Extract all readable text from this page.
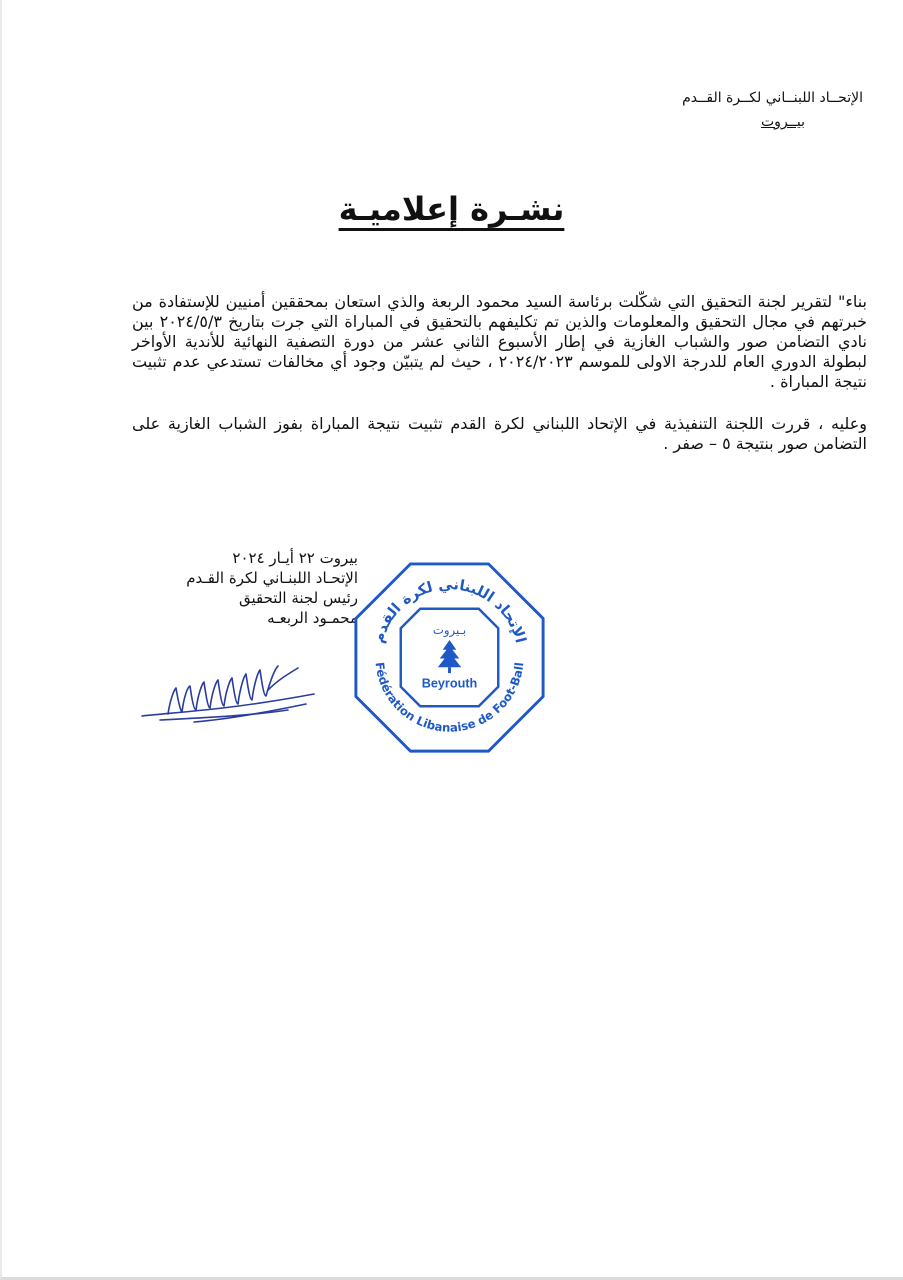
الإتحــاد اللبنــاني لكــرة القــدم
بيــروت
نشـرة إعلاميـة

بناء" لتقرير لجنة التحقيق التي شكّلت برئاسة السيد محمود الربعة والذي استعان بمحققين أمنيين للإستفادة من خبرتهم في مجال التحقيق والمعلومات والذين تم تكليفهم بالتحقيق في المباراة التي جرت بتاريخ ٢٠٢٤/٥/٣ بين نادي التضامن صور والشباب الغازية في إطار الأسبوع الثاني عشر من دورة التصفية النهائية للأندية الأواخر لبطولة الدوري العام للدرجة الاولى للموسم ٢٠٢٤/٢٠٢٣ ، حيث لم يتبيّن وجود أي مخالفات تستدعي عدم تثبيت نتيجة المباراة .

وعليه ، قررت اللجنة التنفيذية في الإتحاد اللبناني لكرة القدم تثبيت نتيجة المباراة بفوز الشباب الغازية على التضامن صور بنتيجة ٥ – صفر .

بيروت ٢٢ أيـار ٢٠٢٤
الإتحـاد اللبنـاني لكرة القـدم
رئيس لجنة التحقيق
محمـود الربعـه
الإتحاد اللبناني لكرة القدم
Fédération Libanaise de Foot-Ball
بـيروت
Beyrouth
